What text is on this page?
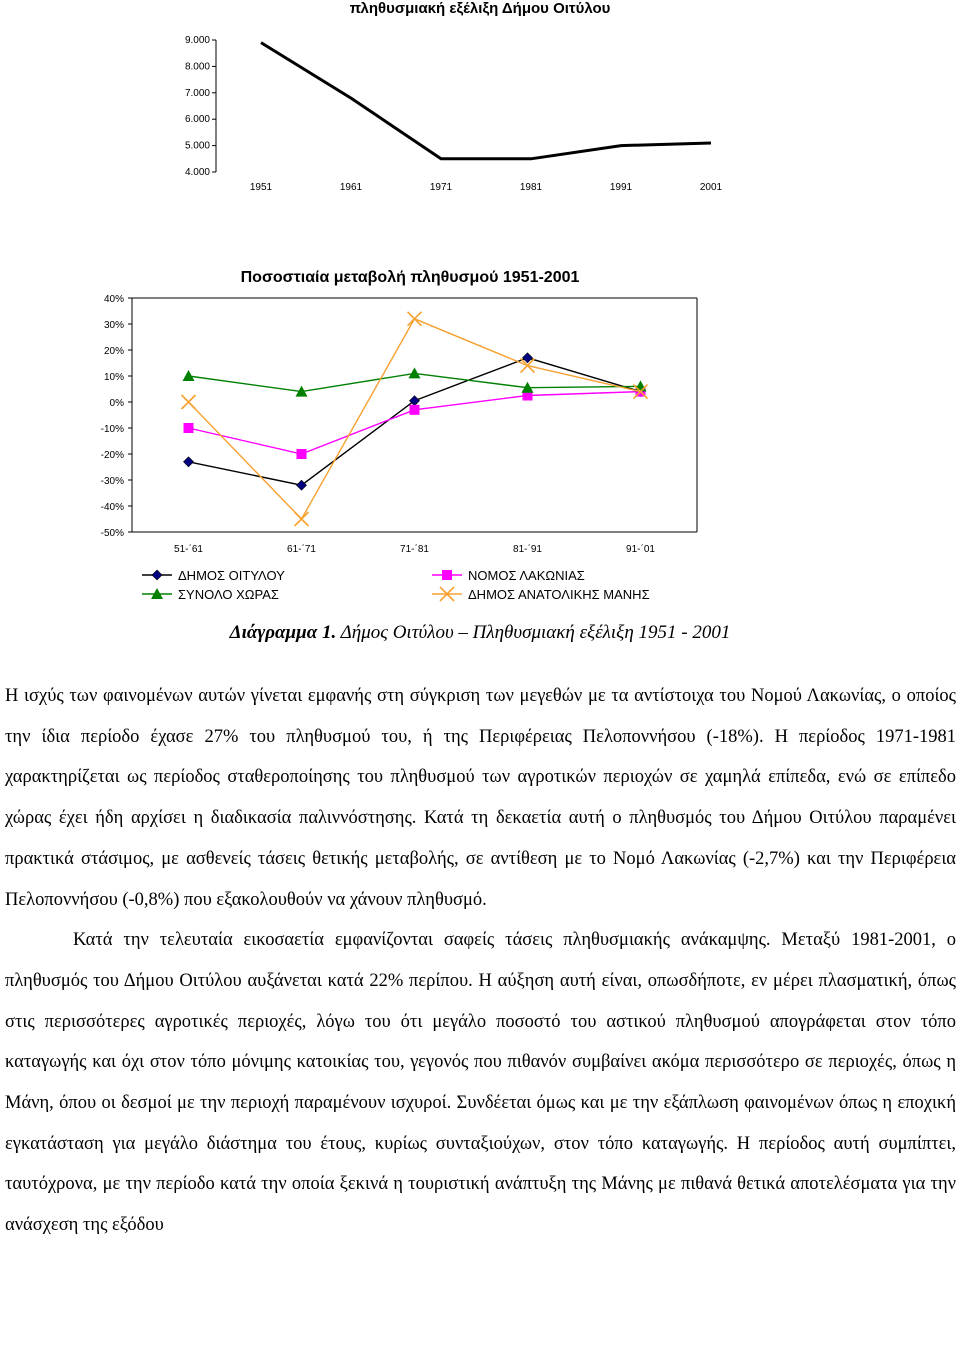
πληθυσμιακή εξέλιξη Δήμου Οιτύλου
9.000
8.000
7.000
6.000
5.000
4.000
1951	1961	1971	1981	1991	2001
Ποσοστιαία μεταβολή πληθυσμού 1951-2001
40%
30%
20%
10%
0%
-10%
-20%
-30%
-40%
-50%
51-΄61	61-΄71	71-΄81	81-΄91	91-΄01
ΔΗΜΟΣ ΟΙΤΥΛΟΥ	ΝΟΜΟΣ ΛΑΚΩΝΙΑΣ
ΣΥΝΟΛΟ ΧΩΡΑΣ	ΔΗΜΟΣ ΑΝΑΤΟΛΙΚΗΣ ΜΑΝΗΣ
Διάγραμμα 1. Δήμος Οιτύλου – Πληθυσμιακή εξέλιξη 1951 - 2001

Η ισχύς των φαινομένων αυτών γίνεται εμφανής στη σύγκριση των μεγεθών με τα αντίστοιχα του Νομού Λακωνίας, ο οποίος την ίδια περίοδο έχασε 27% του πληθυσμού του, ή της Περιφέρειας Πελοποννήσου (-18%). Η περίοδος 1971-1981 χαρακτηρίζεται ως περίοδος σταθεροποίησης του πληθυσμού των αγροτικών περιοχών σε χαμηλά επίπεδα, ενώ σε επίπεδο χώρας έχει ήδη αρχίσει η διαδικασία παλιννόστησης. Κατά τη δεκαετία αυτή ο πληθυσμός του Δήμου Οιτύλου παραμένει πρακτικά στάσιμος, με ασθενείς τάσεις θετικής μεταβολής, σε αντίθεση με το Νομό Λακωνίας (-2,7%) και την Περιφέρεια Πελοποννήσου (-0,8%) που εξακολουθούν να χάνουν πληθυσμό.

Κατά την τελευταία εικοσαετία εμφανίζονται σαφείς τάσεις πληθυσμιακής ανάκαμψης. Μεταξύ 1981-2001, ο πληθυσμός του Δήμου Οιτύλου αυξάνεται κατά 22% περίπου. Η αύξηση αυτή είναι, οπωσδήποτε, εν μέρει πλασματική, όπως στις περισσότερες αγροτικές περιοχές, λόγω του ότι μεγάλο ποσοστό του αστικού πληθυσμού απογράφεται στον τόπο καταγωγής και όχι στον τόπο μόνιμης κατοικίας του, γεγονός που πιθανόν συμβαίνει ακόμα περισσότερο σε περιοχές, όπως η Μάνη, όπου οι δεσμοί με την περιοχή παραμένουν ισχυροί. Συνδέεται όμως και με την εξάπλωση φαινομένων όπως η εποχική εγκατάσταση για μεγάλο διάστημα του έτους, κυρίως συνταξιούχων, στον τόπο καταγωγής. Η περίοδος αυτή συμπίπτει, ταυτόχρονα, με την περίοδο κατά την οποία ξεκινά η τουριστική ανάπτυξη της Μάνης με πιθανά θετικά αποτελέσματα για την ανάσχεση της εξόδου
